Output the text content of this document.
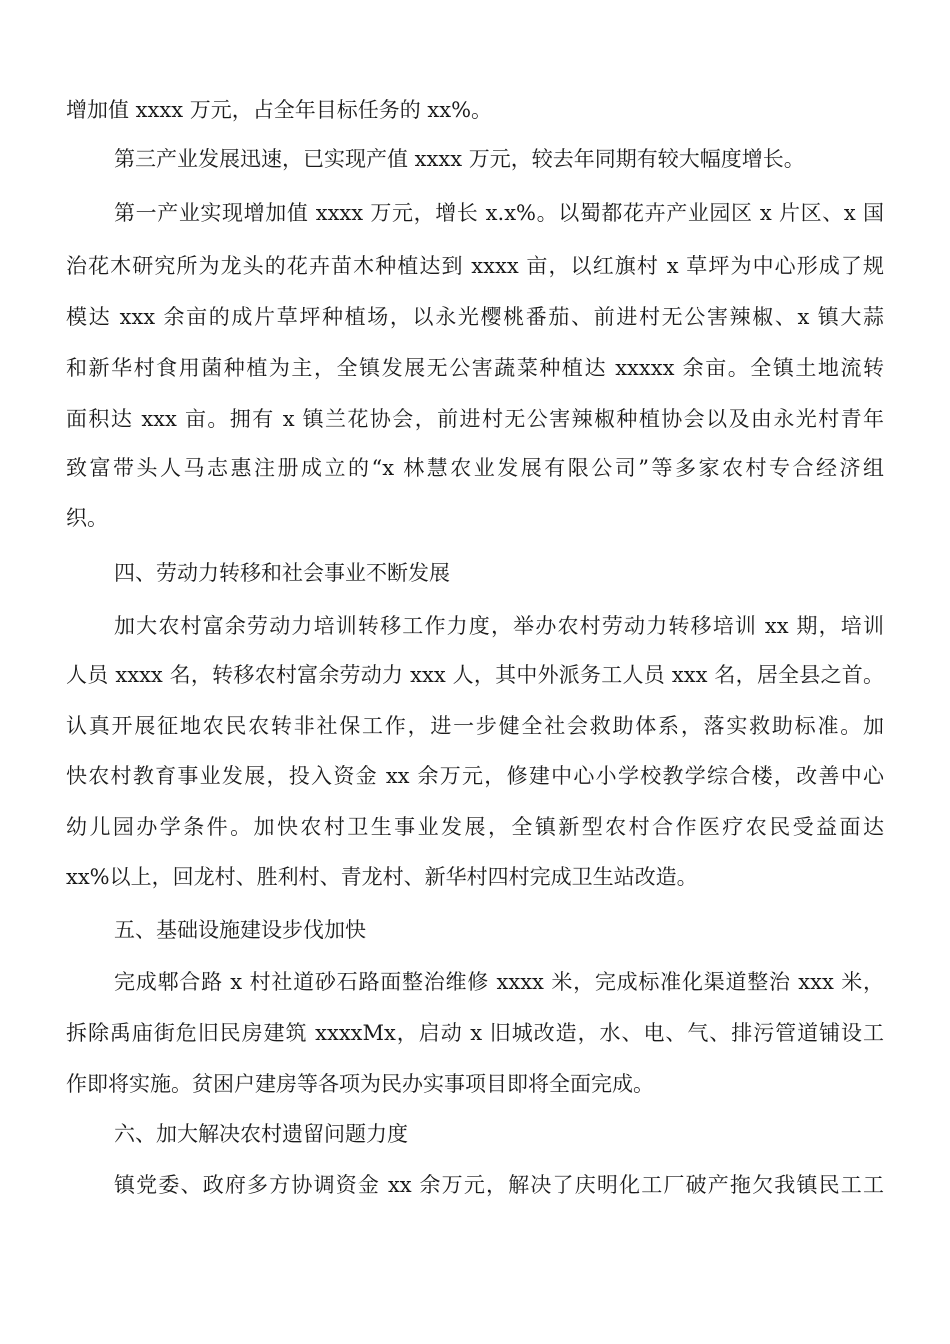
增加值 xxxx 万元，占全年目标任务的 xx%。
第三产业发展迅速，已实现产值 xxxx 万元，较去年同期有较大幅度增长。
第一产业实现增加值 xxxx 万元，增长 x.x%。以蜀都花卉产业园区 x 片区、x 国
治花木研究所为龙头的花卉苗木种植达到 xxxx 亩，以红旗村 x 草坪为中心形成了规
模达 xxx 余亩的成片草坪种植场，以永光樱桃番茄、前进村无公害辣椒、x 镇大蒜
和新华村食用菌种植为主，全镇发展无公害蔬菜种植达 xxxxx 余亩。全镇土地流转
面积达 xxx 亩。拥有 x 镇兰花协会，前进村无公害辣椒种植协会以及由永光村青年
致富带头人马志惠注册成立的“x 林慧农业发展有限公司”等多家农村专合经济组
织。
四、劳动力转移和社会事业不断发展
加大农村富余劳动力培训转移工作力度，举办农村劳动力转移培训 xx 期，培训
人员 xxxx 名，转移农村富余劳动力 xxx 人，其中外派务工人员 xxx 名，居全县之首。
认真开展征地农民农转非社保工作，进一步健全社会救助体系，落实救助标准。加
快农村教育事业发展，投入资金 xx 余万元，修建中心小学校教学综合楼，改善中心
幼儿园办学条件。加快农村卫生事业发展，全镇新型农村合作医疗农民受益面达
xx%以上，回龙村、胜利村、青龙村、新华村四村完成卫生站改造。
五、基础设施建设步伐加快
完成郫合路 x 村社道砂石路面整治维修 xxxx 米，完成标准化渠道整治 xxx 米，
拆除禹庙街危旧民房建筑 xxxxMx，启动 x 旧城改造，水、电、气、排污管道铺设工
作即将实施。贫困户建房等各项为民办实事项目即将全面完成。
六、加大解决农村遗留问题力度
镇党委、政府多方协调资金 xx 余万元，解决了庆明化工厂破产拖欠我镇民工工
